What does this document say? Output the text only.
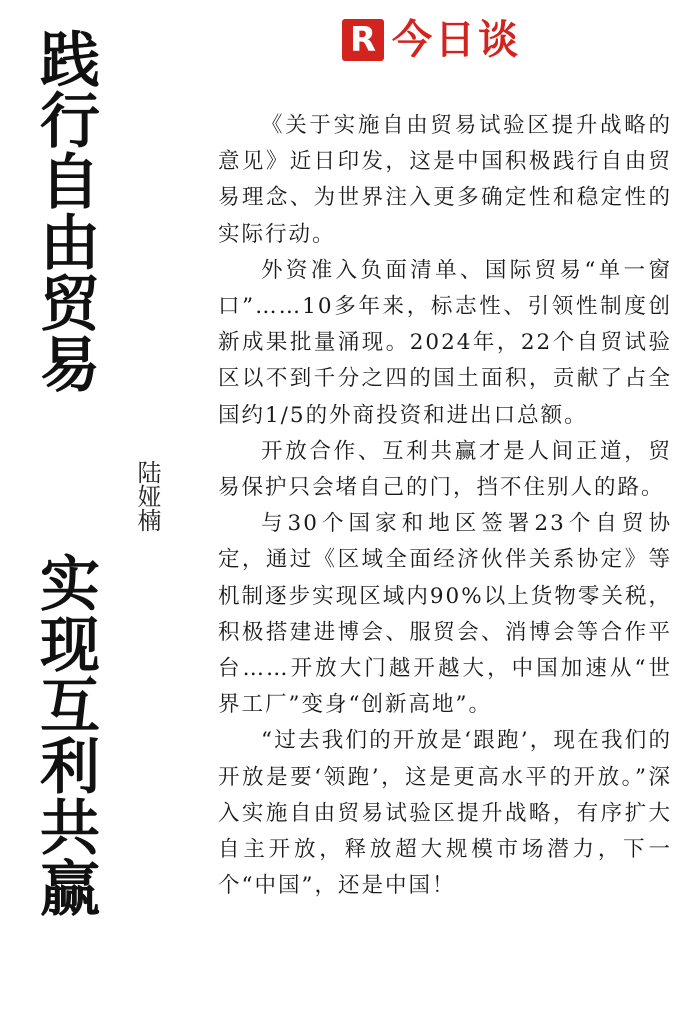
践行自由贸易
实现互利共赢
陆娅楠
R 今日谈

《关于实施自由贸易试验区提升战略的意见》近日印发，这是中国积极践行自由贸易理念、为世界注入更多确定性和稳定性的实际行动。

外资准入负面清单、国际贸易“单一窗口”……10多年来，标志性、引领性制度创新成果批量涌现。2024年，22个自贸试验区以不到千分之四的国土面积，贡献了占全国约1/5的外商投资和进出口总额。

开放合作、互利共赢才是人间正道，贸易保护只会堵自己的门，挡不住别人的路。

与30个国家和地区签署23个自贸协定，通过《区域全面经济伙伴关系协定》等机制逐步实现区域内90%以上货物零关税，积极搭建进博会、服贸会、消博会等合作平台……开放大门越开越大，中国加速从“世界工厂”变身“创新高地”。

“过去我们的开放是‘跟跑’，现在我们的开放是要‘领跑’，这是更高水平的开放。”深入实施自由贸易试验区提升战略，有序扩大自主开放，释放超大规模市场潜力，下一个“中国”，还是中国！
